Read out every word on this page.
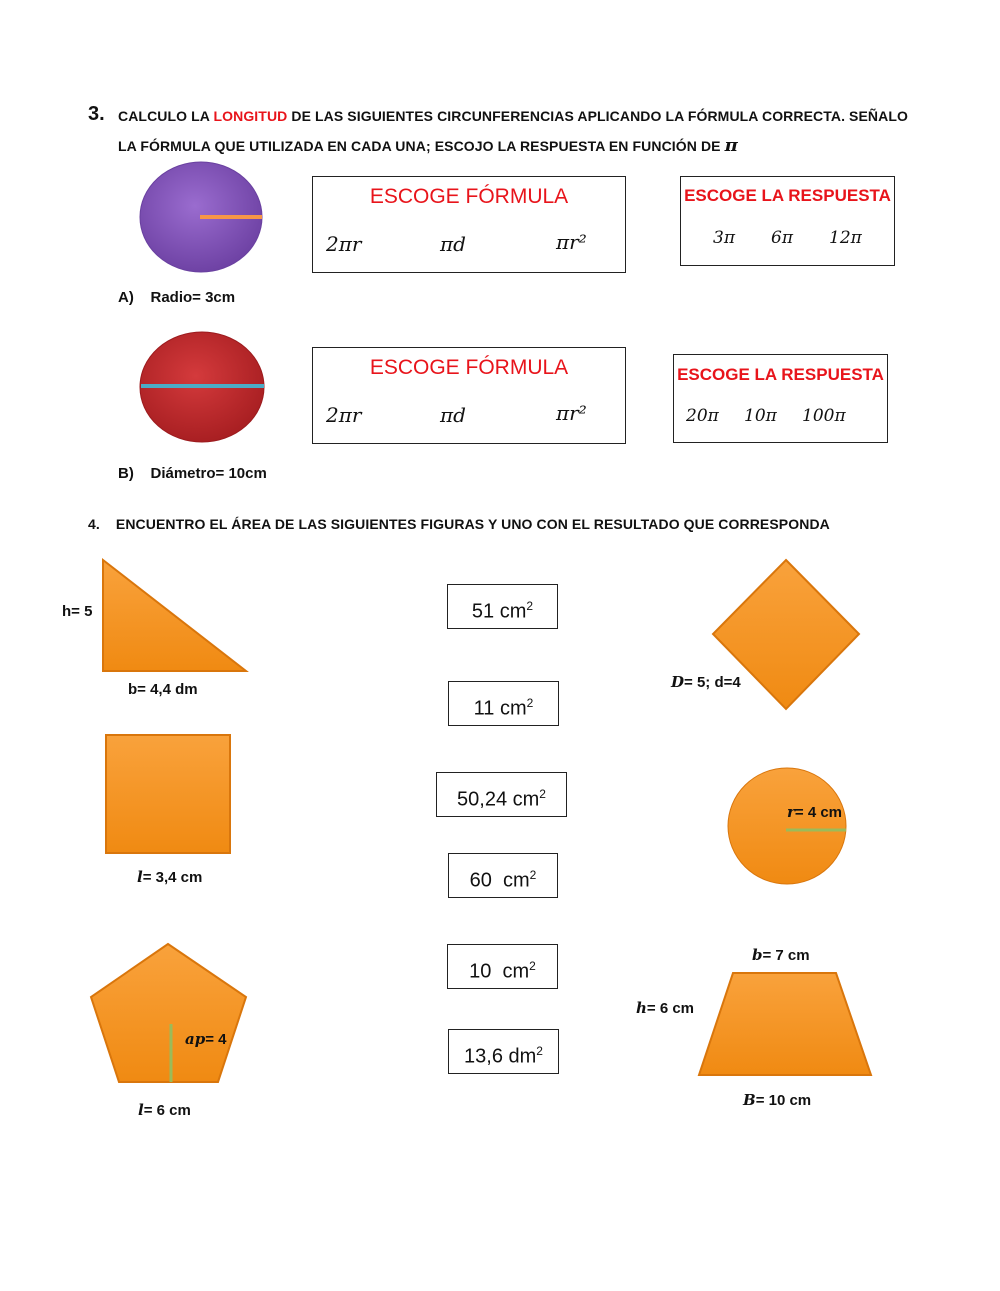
3. CALCULO LA LONGITUD DE LAS SIGUIENTES CIRCUNFERENCIAS APLICANDO LA FÓRMULA CORRECTA. SEÑALO
LA FÓRMULA QUE UTILIZADA EN CADA UNA; ESCOJO LA RESPUESTA EN FUNCIÓN DE π
ESCOGE FÓRMULA
2πr	πd	πr²
ESCOGE LA RESPUESTA
3π 6π 12π
A)    Radio= 3cm
ESCOGE FÓRMULA
2πr	πd	πr²
ESCOGE LA RESPUESTA
20π 10π 100π
B)    Diámetro= 10cm
4. ENCUENTRO EL ÁREA DE LAS SIGUIENTES FIGURAS Y UNO CON EL RESULTADO QUE CORRESPONDA
h= 5
b= 4,4 dm
l= 3,4 cm
ap= 4
l= 6 cm
51 $cm^2$
11 $cm^2$
50,24 $cm^2$
60  $cm^2$
10  $cm^2$
13,6 $dm^2$
D= 5; d=4
r= 4 cm
b= 7 cm
h= 6 cm
B= 10 cm
